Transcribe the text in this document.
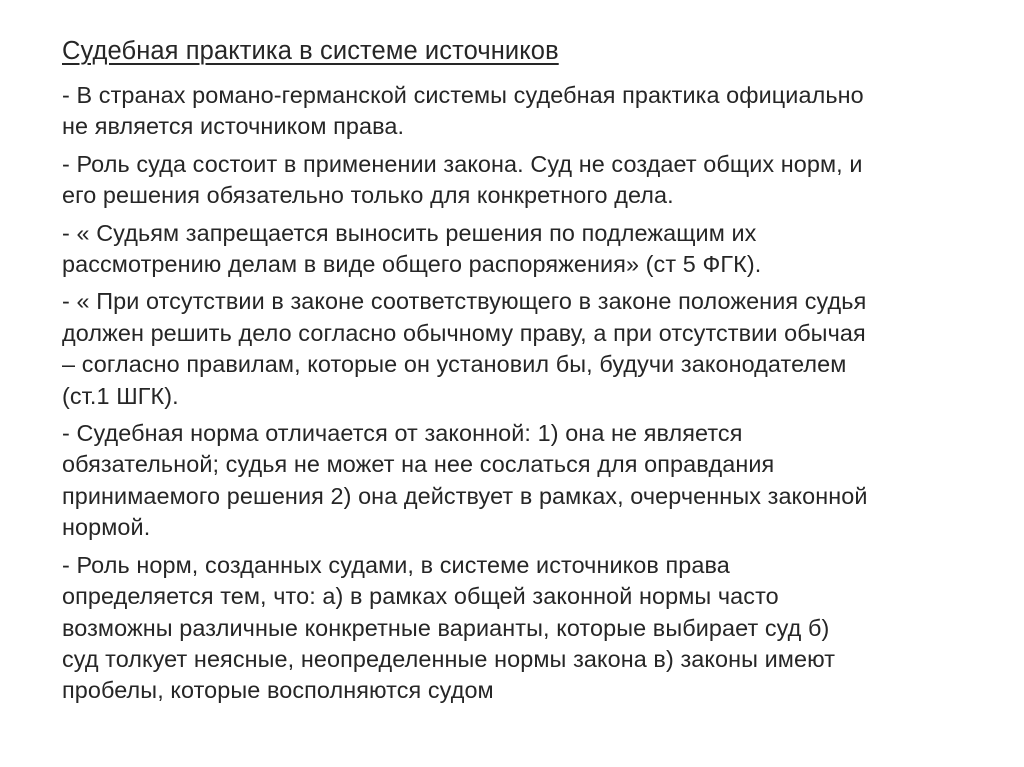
Судебная практика в системе источников

- В странах романо-германской системы судебная практика официально
не является источником права.

- Роль суда состоит в применении закона. Суд не создает общих норм, и
его решения обязательно только для конкретного дела.

- « Судьям запрещается выносить решения по подлежащим их
рассмотрению делам в виде общего распоряжения» (ст 5 ФГК).

- « При отсутствии в законе соответствующего в законе положения судья
должен решить дело согласно обычному праву, а при отсутствии обычая
– согласно правилам, которые он установил бы, будучи законодателем
(ст.1 ШГК).

- Судебная норма отличается от законной: 1) она не является
обязательной; судья не может на нее сослаться для оправдания
принимаемого решения 2) она действует в рамках, очерченных законной
нормой.

- Роль норм, созданных судами, в системе источников права
определяется тем, что: а) в рамках общей законной нормы часто
возможны различные конкретные варианты, которые выбирает суд б)
суд толкует неясные, неопределенные нормы закона в) законы имеют
пробелы, которые восполняются судом
